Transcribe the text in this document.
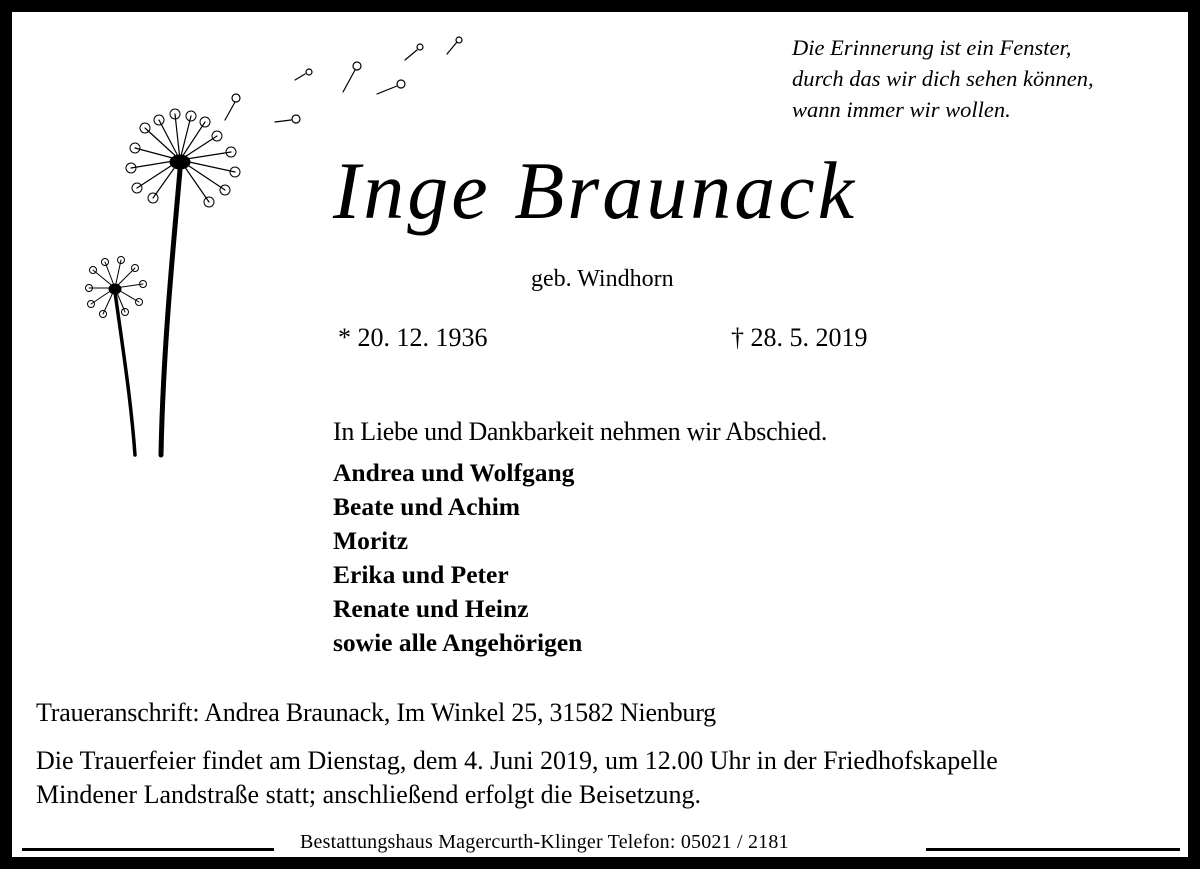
Die Erinnerung ist ein Fenster,
durch das wir dich sehen können,
wann immer wir wollen.
Inge Braunack
geb. Windhorn
* 20. 12. 1936	† 28. 5. 2019
In Liebe und Dankbarkeit nehmen wir Abschied.
Andrea und Wolfgang
Beate und Achim
Moritz
Erika und Peter
Renate und Heinz
sowie alle Angehörigen
Traueranschrift: Andrea Braunack, Im Winkel 25, 31582 Nienburg
Die Trauerfeier findet am Dienstag, dem 4. Juni 2019, um 12.00 Uhr in der Friedhofskapelle
Mindener Landstraße statt; anschließend erfolgt die Beisetzung.
Bestattungshaus Magercurth-Klinger Telefon: 05021 / 2181
